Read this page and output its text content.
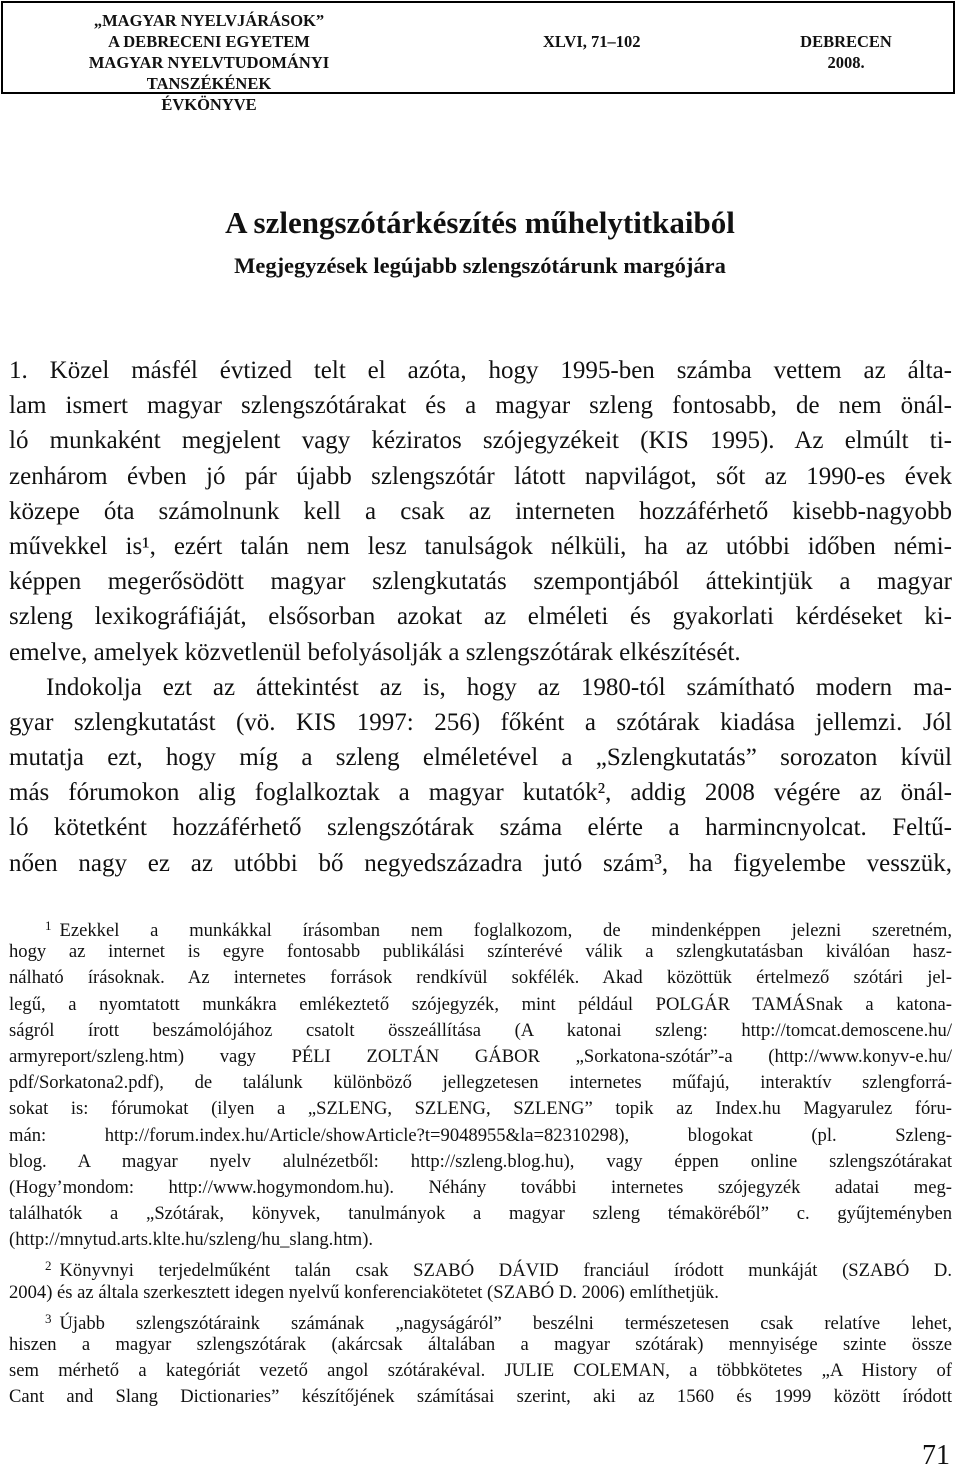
„MAGYAR NYELVJÁRÁSOK”
A DEBRECENI EGYETEM
MAGYAR NYELVTUDOMÁNYI TANSZÉKÉNEK
ÉVKÖNYVE
XLVI, 71–102	DEBRECEN
2008.
A szlengszótárkészítés műhelytitkaiból
Megjegyzések legújabb szlengszótárunk margójára
1. Közel másfél évtized telt el azóta, hogy 1995-ben számba vettem az álta-
lam ismert magyar szlengszótárakat és a magyar szleng fontosabb, de nem önál-
ló munkaként megjelent vagy kéziratos szójegyzékeit (KIS 1995). Az elmúlt ti-
zenhárom évben jó pár újabb szlengszótár látott napvilágot, sőt az 1990-es évek
közepe óta számolnunk kell a csak az interneten hozzáférhető kisebb-nagyobb
művekkel is¹, ezért talán nem lesz tanulságok nélküli, ha az utóbbi időben némi-
képpen megerősödött magyar szlengkutatás szempontjából áttekintjük a magyar
szleng lexikográfiáját, elsősorban azokat az elméleti és gyakorlati kérdéseket ki-
emelve, amelyek közvetlenül befolyásolják a szlengszótárak elkészítését.
Indokolja ezt az áttekintést az is, hogy az 1980-tól számítható modern ma-
gyar szlengkutatást (vö. KIS 1997: 256) főként a szótárak kiadása jellemzi. Jól
mutatja ezt, hogy míg a szleng elméletével a „Szlengkutatás” sorozaton kívül
más fórumokon alig foglalkoztak a magyar kutatók², addig 2008 végére az önál-
ló kötetként hozzáférhető szlengszótárak száma elérte a harmincnyolcat. Feltű-
nően nagy ez az utóbbi bő negyedszázadra jutó szám³, ha figyelembe vesszük,
$^1$ Ezekkel a munkákkal írásomban nem foglalkozom, de mindenképpen jelezni szeretném,
hogy az internet is egyre fontosabb publikálási színterévé válik a szlengkutatásban kiválóan hasz-
nálható írásoknak. Az internetes források rendkívül sokfélék. Akad közöttük értelmező szótári jel-
legű, a nyomtatott munkákra emlékeztető szójegyzék, mint például POLGÁR TAMÁSnak a katona-
ságról írott beszámolójához csatolt összeállítása (A katonai szleng: http://tomcat.demoscene.hu/
armyreport/szleng.htm) vagy PÉLI ZOLTÁN GÁBOR „Sorkatona-szótár”-a (http://www.konyv-e.hu/
pdf/Sorkatona2.pdf), de találunk különböző jellegzetesen internetes műfajú, interaktív szlengforrá-
sokat is: fórumokat (ilyen a „SZLENG, SZLENG, SZLENG” topik az Index.hu Magyarulez fóru-
mán: http://forum.index.hu/Article/showArticle?t=9048955&la=82310298), blogokat (pl. Szleng-
blog. A magyar nyelv alulnézetből: http://szleng.blog.hu), vagy éppen online szlengszótárakat
(Hogy’mondom: http://www.hogymondom.hu). Néhány további internetes szójegyzék adatai meg-
találhatók a „Szótárak, könyvek, tanulmányok a magyar szleng témaköréből” c. gyűjteményben
(http://mnytud.arts.klte.hu/szleng/hu_slang.htm).
$^2$ Könyvnyi terjedelműként talán csak SZABÓ DÁVID franciául íródott munkáját (SZABÓ D.
2004) és az általa szerkesztett idegen nyelvű konferenciakötetet (SZABÓ D. 2006) említhetjük.
$^3$ Újabb szlengszótáraink számának „nagyságáról” beszélni természetesen csak relatíve lehet,
hiszen a magyar szlengszótárak (akárcsak általában a magyar szótárak) mennyisége szinte össze
sem mérhető a kategóriát vezető angol szótárakéval. JULIE COLEMAN, a többkötetes „A History of
Cant and Slang Dictionaries” készítőjének számításai szerint, aki az 1560 és 1999 között íródott
71
